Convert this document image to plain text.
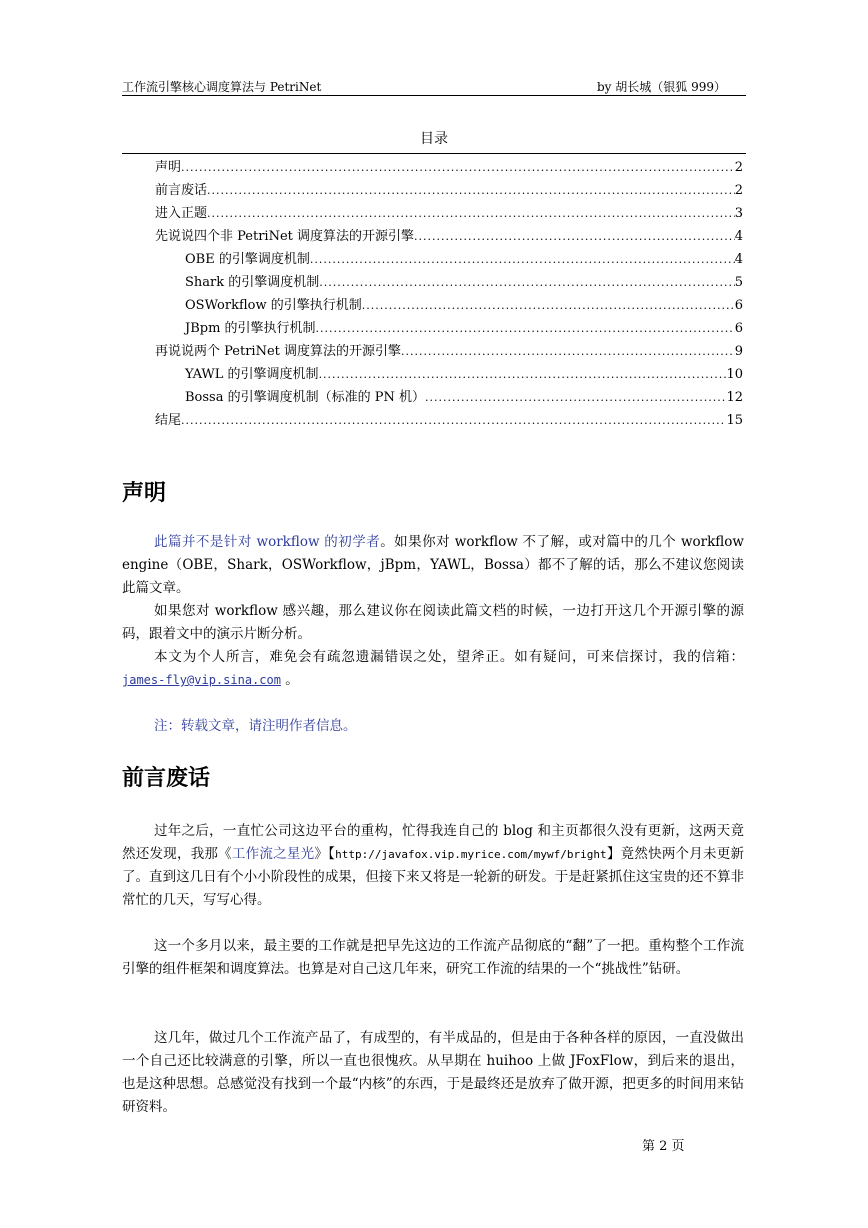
工作流引擎核心调度算法与 PetriNet	by 胡长城（银狐 999）
目录
声明 .....	2
前言废话 .....	2
进入正题 .....	3
先说说四个非 PetriNet 调度算法的开源引擎 .....	4
OBE 的引擎调度机制 .....	4
Shark 的引擎调度机制 .....	5
OSWorkflow 的引擎执行机制 .....	6
JBpm 的引擎执行机制 .....	6
再说说两个 PetriNet 调度算法的开源引擎 .....	9
YAWL 的引擎调度机制 .....	10
Bossa 的引擎调度机制（标准的 PN 机） .....	12
结尾 .....	15
声明
此篇并不是针对 workflow 的初学者。如果你对 workflow 不了解，或对篇中的几个 workflow engine（OBE，Shark，OSWorkflow，jBpm，YAWL，Bossa）都不了解的话，那么不建议您阅读此篇文章。
如果您对 workflow 感兴趣，那么建议你在阅读此篇文档的时候，一边打开这几个开源引擎的源码，跟着文中的演示片断分析。
本文为个人所言，难免会有疏忽遗漏错误之处，望斧正。如有疑问，可来信探讨，我的信箱：james-fly@vip.sina.com 。
注：转载文章，请注明作者信息。
前言废话
过年之后，一直忙公司这边平台的重构，忙得我连自己的 blog 和主页都很久没有更新，这两天竟然还发现，我那《工作流之星光》【http://javafox.vip.myrice.com/mywf/bright】竟然快两个月未更新了。直到这几日有个小小阶段性的成果，但接下来又将是一轮新的研发。于是赶紧抓住这宝贵的还不算非常忙的几天，写写心得。
这一个多月以来，最主要的工作就是把早先这边的工作流产品彻底的“翻”了一把。重构整个工作流引擎的组件框架和调度算法。也算是对自己这几年来，研究工作流的结果的一个“挑战性”钻研。
这几年，做过几个工作流产品了，有成型的，有半成品的，但是由于各种各样的原因，一直没做出一个自己还比较满意的引擎，所以一直也很愧疚。从早期在 huihoo 上做 JFoxFlow，到后来的退出，也是这种思想。总感觉没有找到一个最“内核”的东西，于是最终还是放弃了做开源，把更多的时间用来钻研资料。
第 2 页
